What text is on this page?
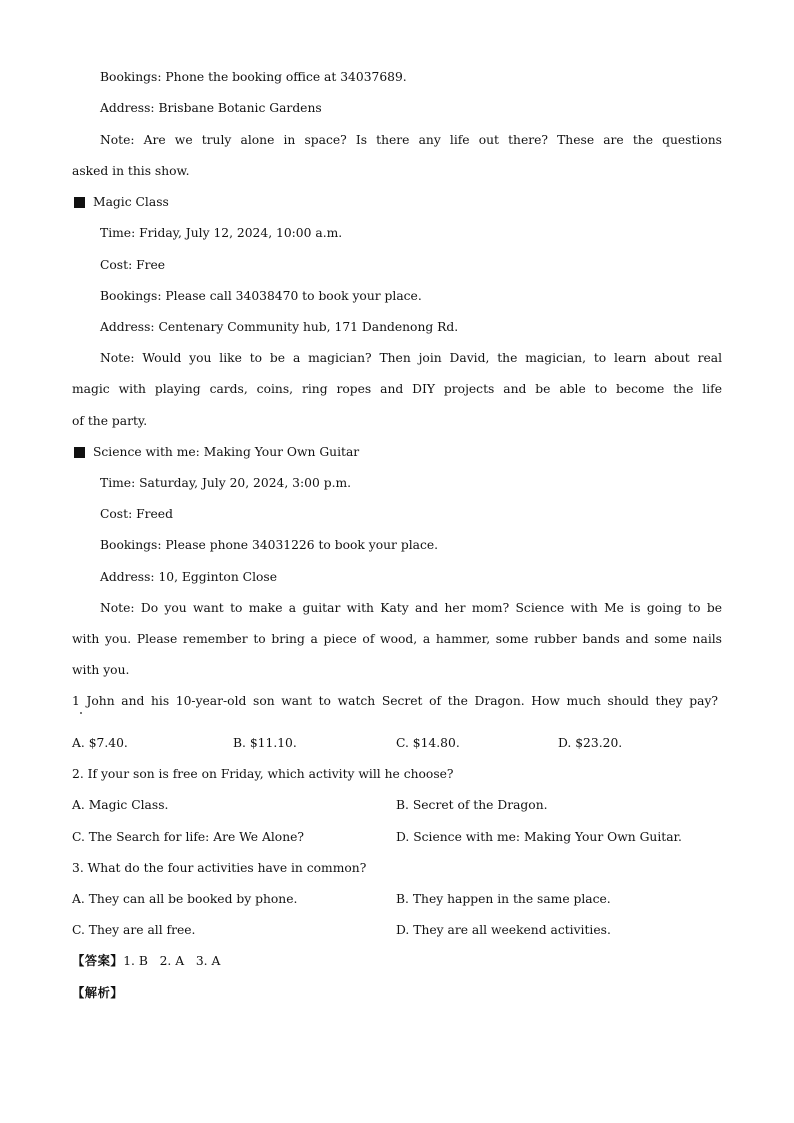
Bookings: Phone the booking office at 34037689.
Address: Brisbane Botanic Gardens
Note: Are we truly alone in space? Is there any life out there? These are the questions
asked in this show.
Magic Class
Time: Friday, July 12, 2024, 10:00 a.m.
Cost: Free
Bookings: Please call 34038470 to book your place.
Address: Centenary Community hub, 171 Dandenong Rd.
Note: Would you like to be a magician? Then join David, the magician, to learn about real
magic with playing cards, coins, ring ropes and DIY projects and be able to become the life
of the party.
Science with me: Making Your Own Guitar
Time: Saturday, July 20, 2024, 3:00 p.m.
Cost: Freed
Bookings: Please phone 34031226 to book your place.
Address: 10, Egginton Close
Note: Do you want to make a guitar with Katy and her mom? Science with Me is going to be
with you. Please remember to bring a piece of wood, a hammer, some rubber bands and some nails
with you.
1 John and his 10-year-old son want to watch Secret of the Dragon. How much should they pay?
A. $7.40.	B. $11.10.	C. $14.80.	D. $23.20.
2. If your son is free on Friday, which activity will he choose?
A. Magic Class.	B. Secret of the Dragon.
C. The Search for life: Are We Alone?	D. Science with me: Making Your Own Guitar.
3. What do the four activities have in common?
A. They can all be booked by phone.	B. They happen in the same place.
C. They are all free.	D. They are all weekend activities.
【答案】1. B   2. A   3. A
【解析】
